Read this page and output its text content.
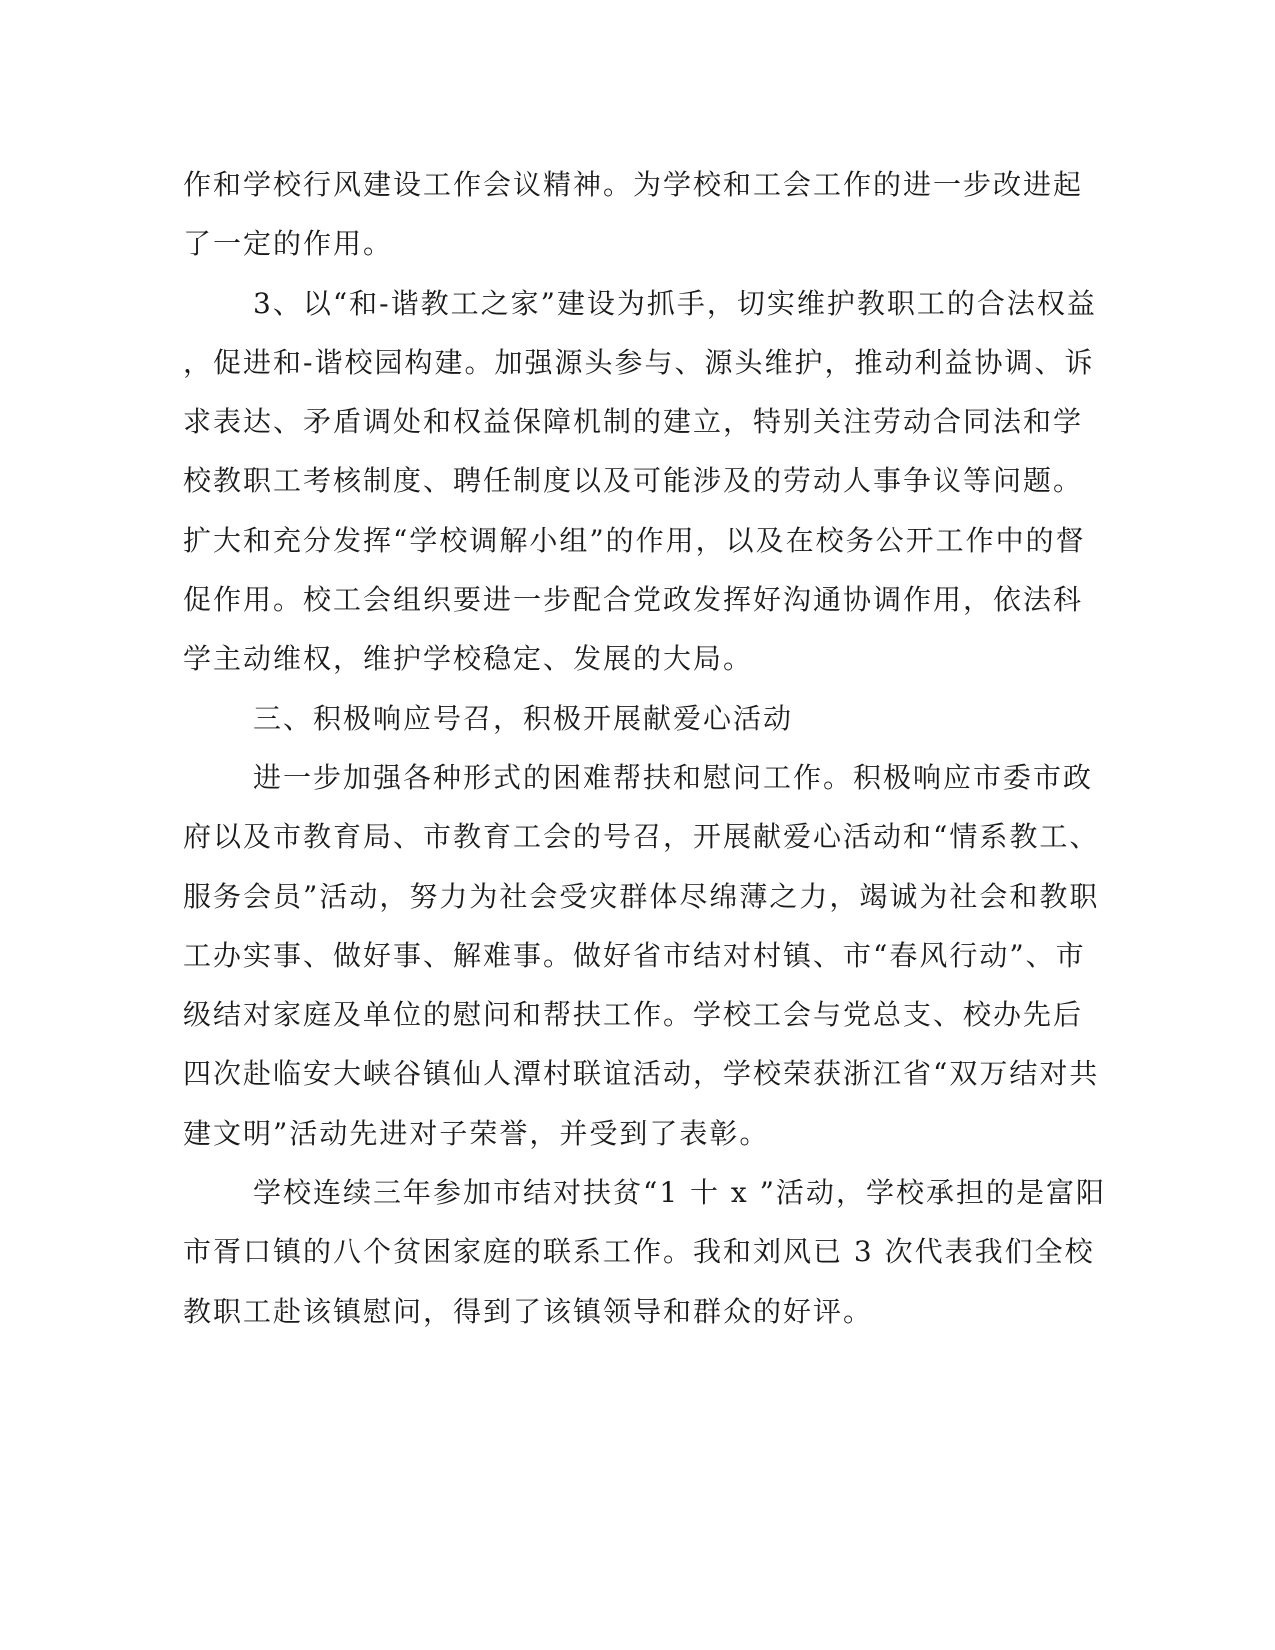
作和学校行风建设工作会议精神。为学校和工会工作的进一步改进起
了一定的作用。
3、以“和-谐教工之家”建设为抓手，切实维护教职工的合法权益
，促进和-谐校园构建。加强源头参与、源头维护，推动利益协调、诉
求表达、矛盾调处和权益保障机制的建立，特别关注劳动合同法和学
校教职工考核制度、聘任制度以及可能涉及的劳动人事争议等问题。
扩大和充分发挥“学校调解小组”的作用，以及在校务公开工作中的督
促作用。校工会组织要进一步配合党政发挥好沟通协调作用，依法科
学主动维权，维护学校稳定、发展的大局。
三、积极响应号召，积极开展献爱心活动
进一步加强各种形式的困难帮扶和慰问工作。积极响应市委市政
府以及市教育局、市教育工会的号召，开展献爱心活动和“情系教工、
服务会员”活动，努力为社会受灾群体尽绵薄之力，竭诚为社会和教职
工办实事、做好事、解难事。做好省市结对村镇、市“春风行动”、市
级结对家庭及单位的慰问和帮扶工作。学校工会与党总支、校办先后
四次赴临安大峡谷镇仙人潭村联谊活动，学校荣获浙江省“双万结对共
建文明”活动先进对子荣誉，并受到了表彰。
学校连续三年参加市结对扶贫“1 十 x ”活动，学校承担的是富阳
市胥口镇的八个贫困家庭的联系工作。我和刘风已 3 次代表我们全校
教职工赴该镇慰问，得到了该镇领导和群众的好评。
